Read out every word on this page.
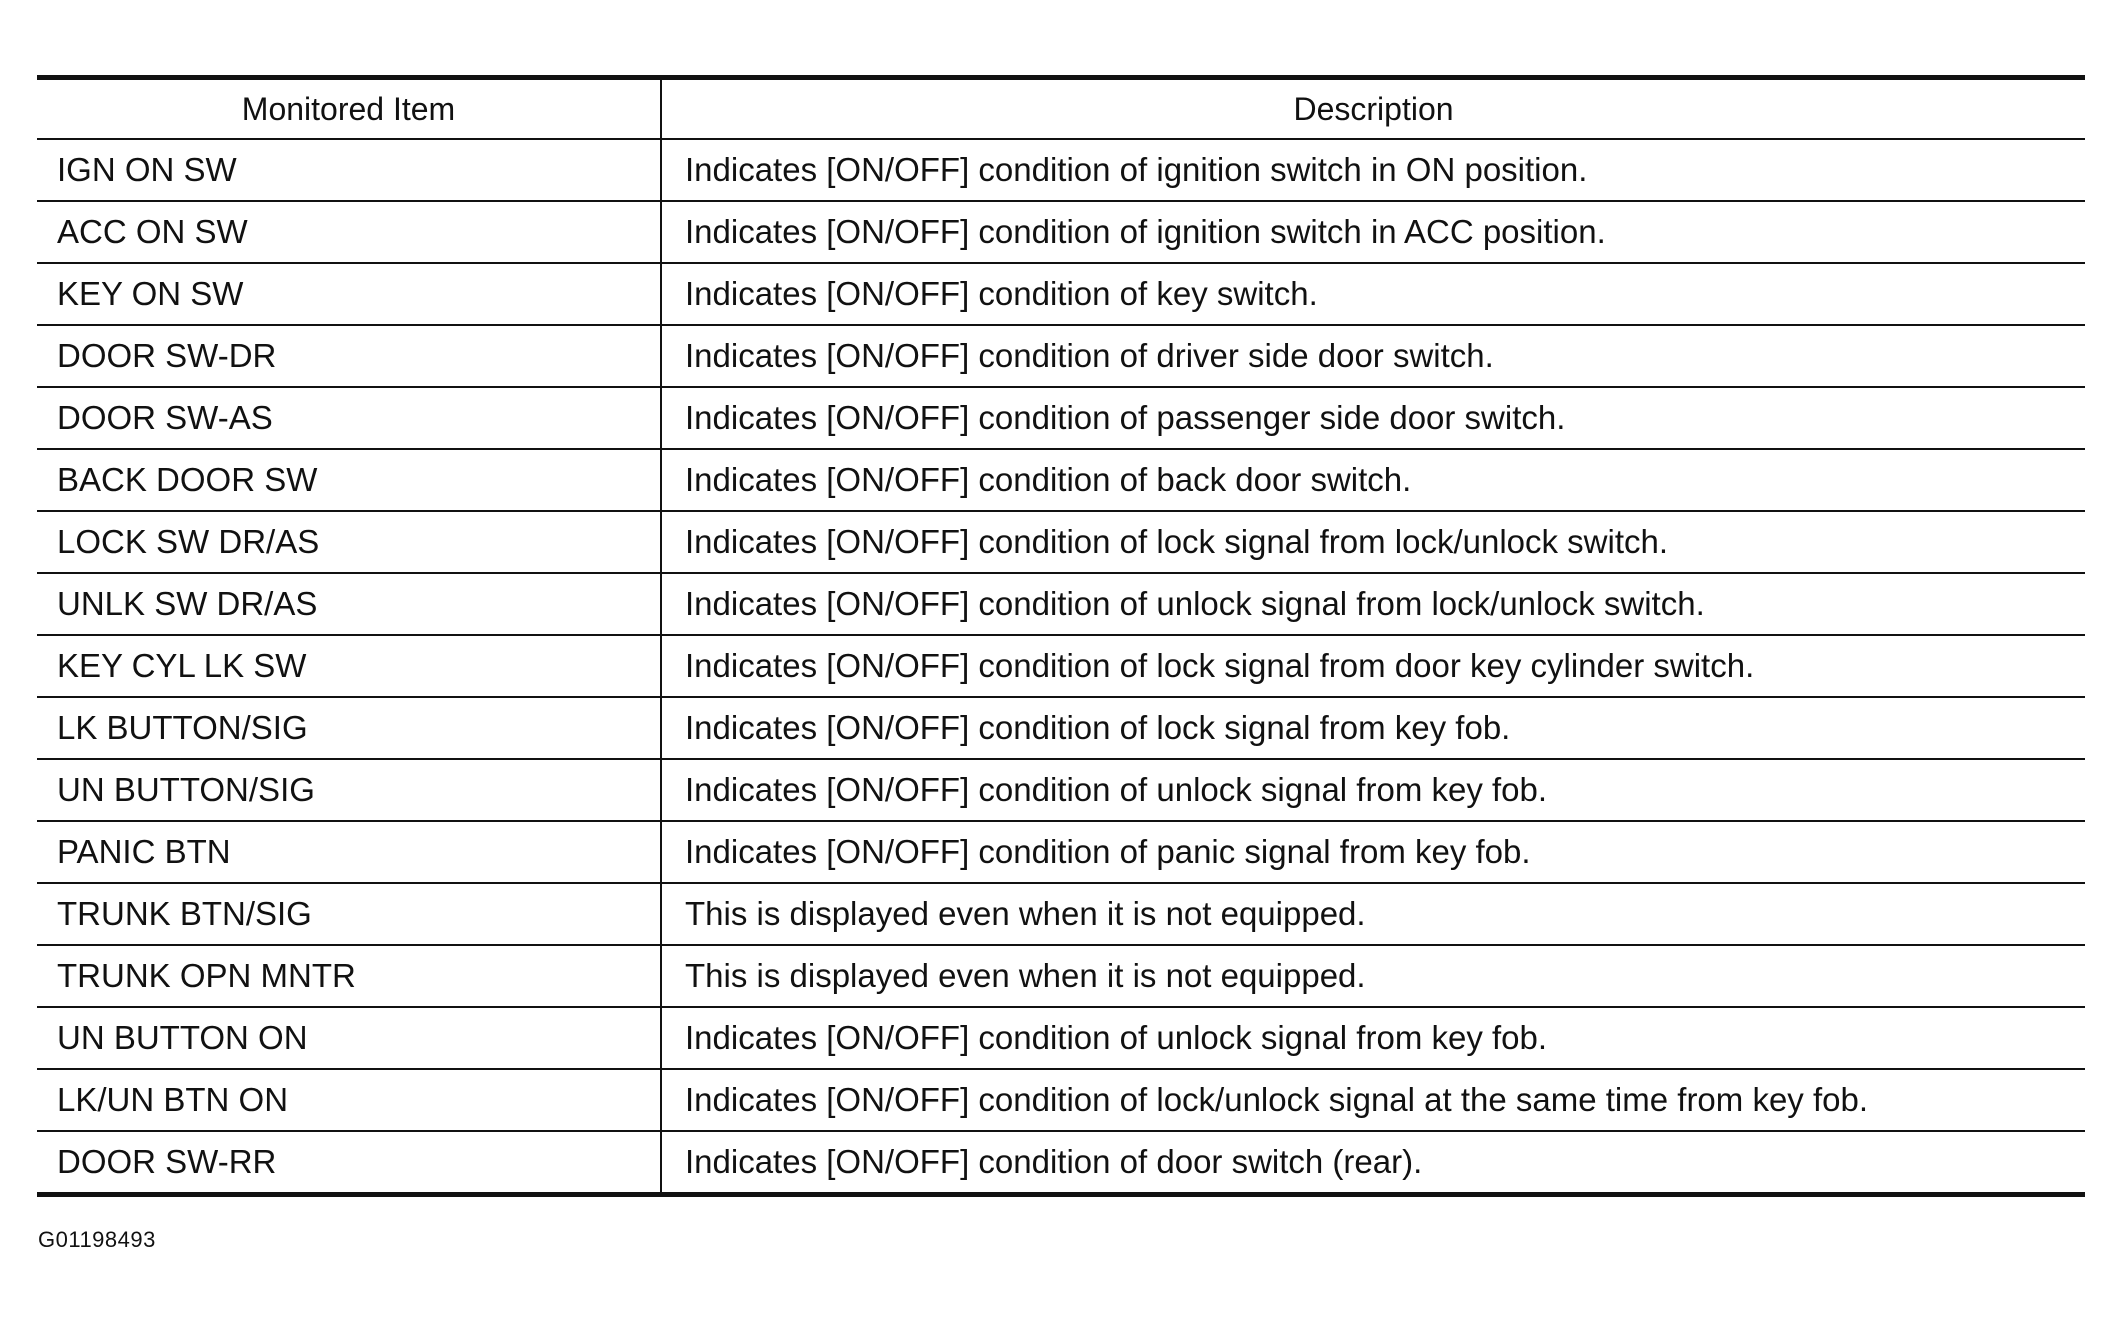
Monitored Item	Description
IGN ON SW	Indicates [ON/OFF] condition of ignition switch in ON position.
ACC ON SW	Indicates [ON/OFF] condition of ignition switch in ACC position.
KEY ON SW	Indicates [ON/OFF] condition of key switch.
DOOR SW-DR	Indicates [ON/OFF] condition of driver side door switch.
DOOR SW-AS	Indicates [ON/OFF] condition of passenger side door switch.
BACK DOOR SW	Indicates [ON/OFF] condition of back door switch.
LOCK SW DR/AS	Indicates [ON/OFF] condition of lock signal from lock/unlock switch.
UNLK SW DR/AS	Indicates [ON/OFF] condition of unlock signal from lock/unlock switch.
KEY CYL LK SW	Indicates [ON/OFF] condition of lock signal from door key cylinder switch.
LK BUTTON/SIG	Indicates [ON/OFF] condition of lock signal from key fob.
UN BUTTON/SIG	Indicates [ON/OFF] condition of unlock signal from key fob.
PANIC BTN	Indicates [ON/OFF] condition of panic signal from key fob.
TRUNK BTN/SIG	This is displayed even when it is not equipped.
TRUNK OPN MNTR	This is displayed even when it is not equipped.
UN BUTTON ON	Indicates [ON/OFF] condition of unlock signal from key fob.
LK/UN BTN ON	Indicates [ON/OFF] condition of lock/unlock signal at the same time from key fob.
DOOR SW-RR	Indicates [ON/OFF] condition of door switch (rear).
G01198493
